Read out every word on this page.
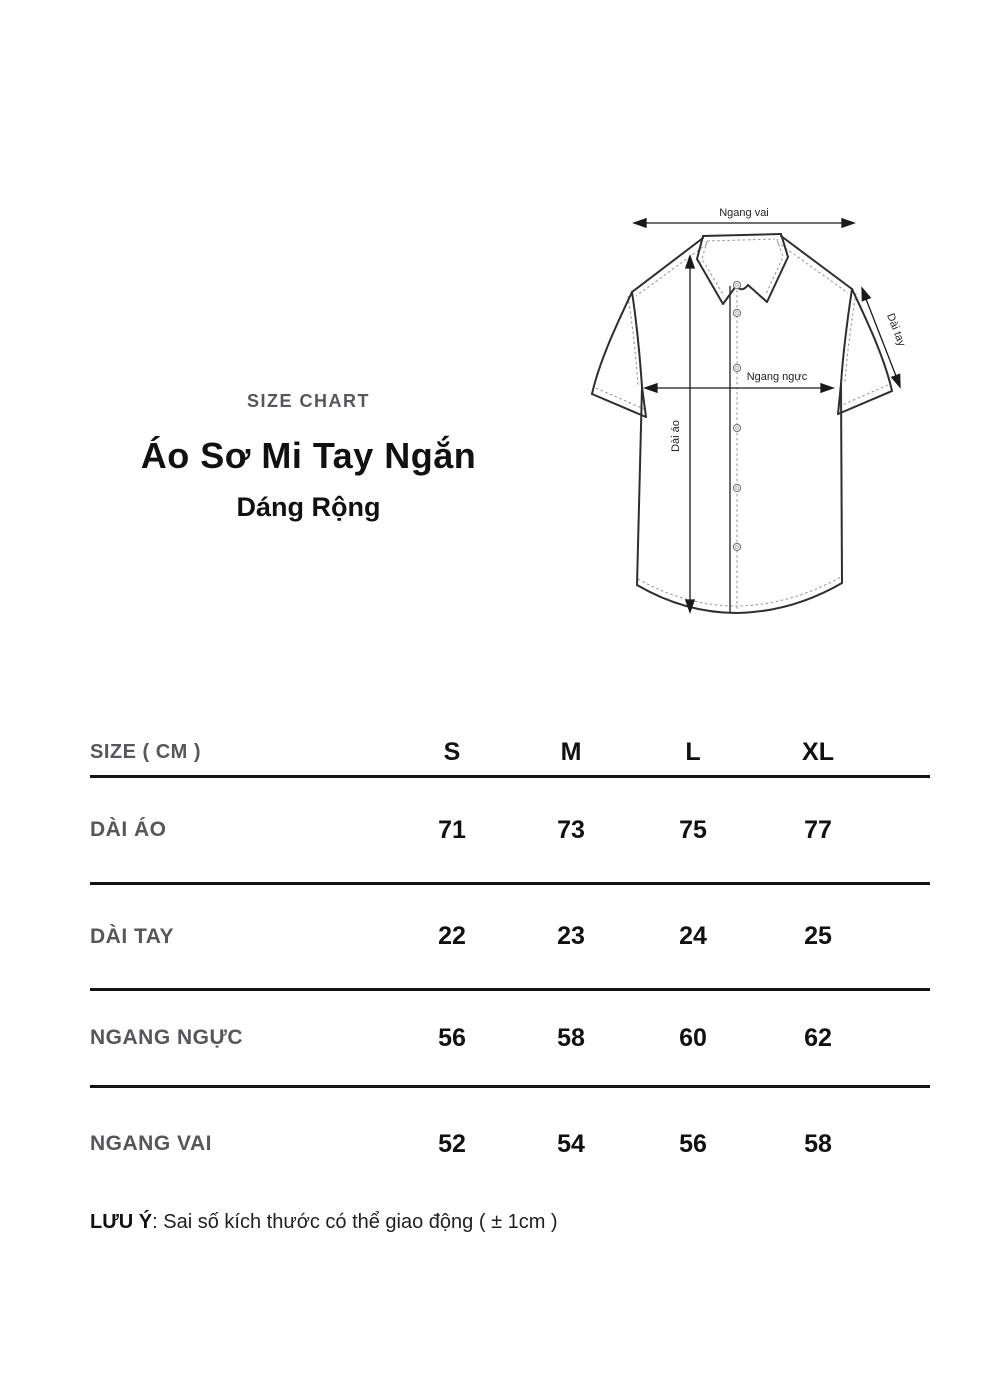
SIZE CHART
Áo Sơ Mi Tay Ngắn
Dáng Rộng
Ngang vai
Dài áo
Ngang ngực
Dài tay
SIZE ( CM )	S	M	L	XL
DÀI ÁO	71	73	75	77
DÀI TAY	22	23	24	25
NGANG NGỰC	56	58	60	62
NGANG VAI	52	54	56	58

LƯU Ý: Sai số kích thước có thể giao động ( ± 1cm )
